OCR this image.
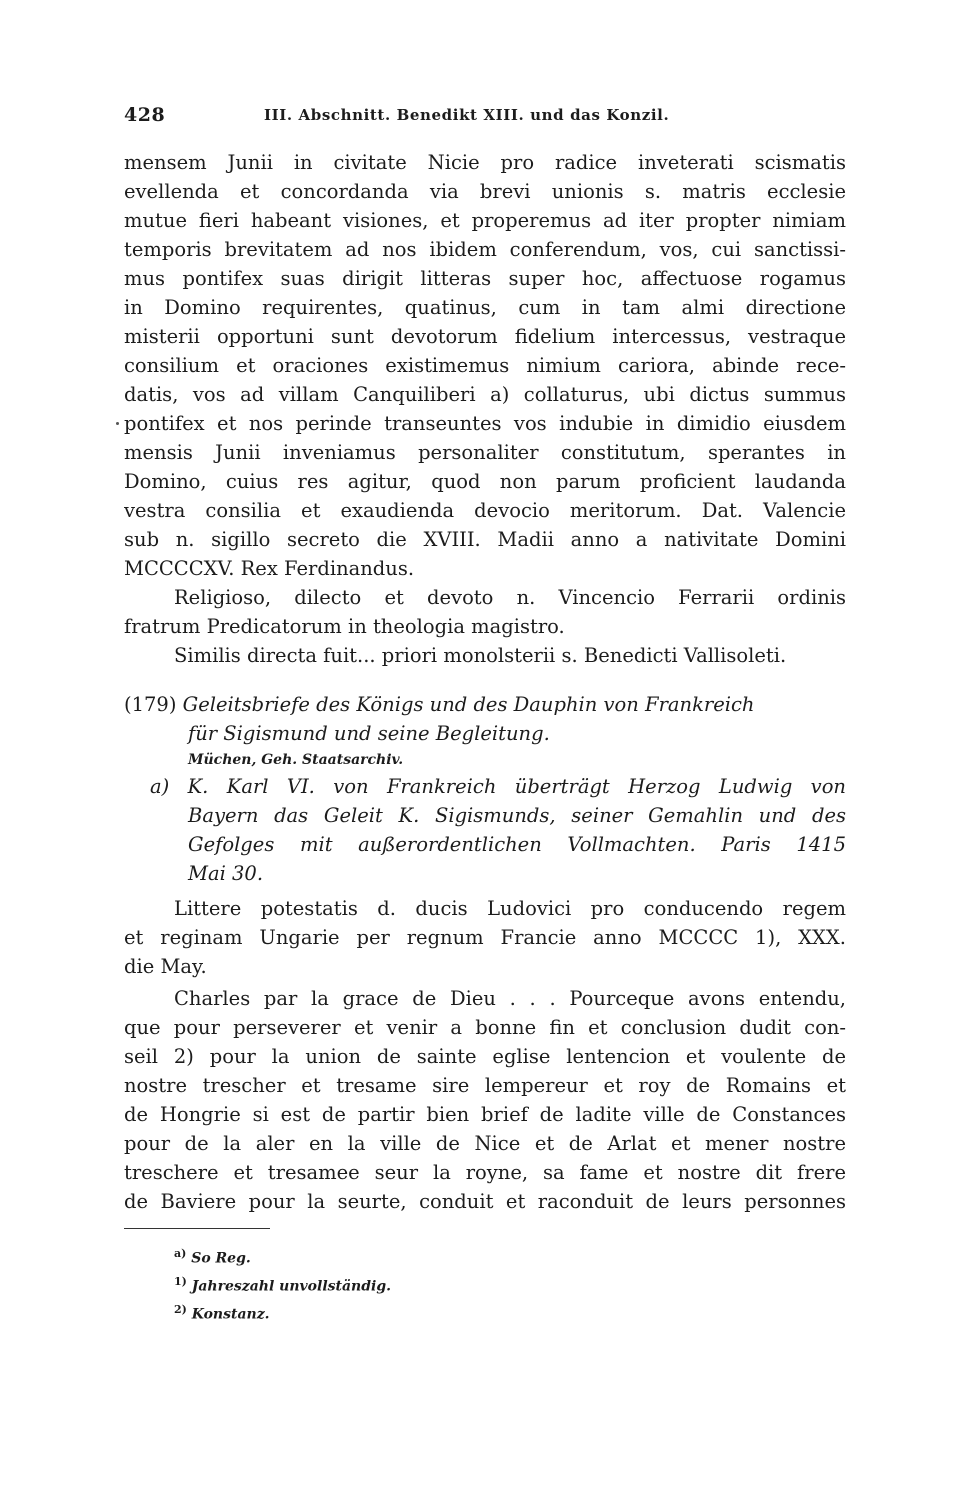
428	III. Abschnitt. Benedikt XIII. und das Konzil.
mensem Junii in civitate Nicie pro radice inveterati scismatis
evellenda et concordanda via brevi unionis s. matris ecclesie
mutue fieri habeant visiones, et properemus ad iter propter nimiam
temporis brevitatem ad nos ibidem conferendum, vos, cui sanctissi-
mus pontifex suas dirigit litteras super hoc, affectuose rogamus
in Domino requirentes, quatinus, cum in tam almi directione
misterii opportuni sunt devotorum fidelium intercessus, vestraque
consilium et oraciones existimemus nimium cariora, abinde rece-
datis, vos ad villam Canquiliberi a) collaturus, ubi dictus summus
pontifex et nos perinde transeuntes vos indubie in dimidio eiusdem
mensis Junii inveniamus personaliter constitutum, sperantes in
Domino, cuius res agitur, quod non parum proficient laudanda
vestra consilia et exaudienda devocio meritorum. Dat. Valencie
sub n. sigillo secreto die XVIII. Madii anno a nativitate Domini
MCCCCXV. Rex Ferdinandus.
Religioso, dilecto et devoto n. Vincencio Ferrarii ordinis
fratrum Predicatorum in theologia magistro.
Similis directa fuit... priori monolsterii s. Benedicti Vallisoleti.
(179) Geleitsbriefe des Königs und des Dauphin von Frankreich
für Sigismund und seine Begleitung.
Müchen, Geh. Staatsarchiv.
a) K. Karl VI. von Frankreich überträgt Herzog Ludwig von
Bayern das Geleit K. Sigismunds, seiner Gemahlin und des
Gefolges mit außerordentlichen Vollmachten. Paris 1415
Mai 30.
Littere potestatis d. ducis Ludovici pro conducendo regem
et reginam Ungarie per regnum Francie anno MCCCC 1), XXX.
die May.
Charles par la grace de Dieu . . . Pourceque avons entendu,
que pour perseverer et venir a bonne fin et conclusion dudit con-
seil 2) pour la union de sainte eglise lentencion et voulente de
nostre trescher et tresame sire lempereur et roy de Romains et
de Hongrie si est de partir bien brief de ladite ville de Constances
pour de la aler en la ville de Nice et de Arlat et mener nostre
treschere et tresamee seur la royne, sa fame et nostre dit frere
de Baviere pour la seurte, conduit et raconduit de leurs personnes
$^{a)}$ So Reg.
$^{1)}$ Jahreszahl unvollständig.
$^{2)}$ Konstanz.
